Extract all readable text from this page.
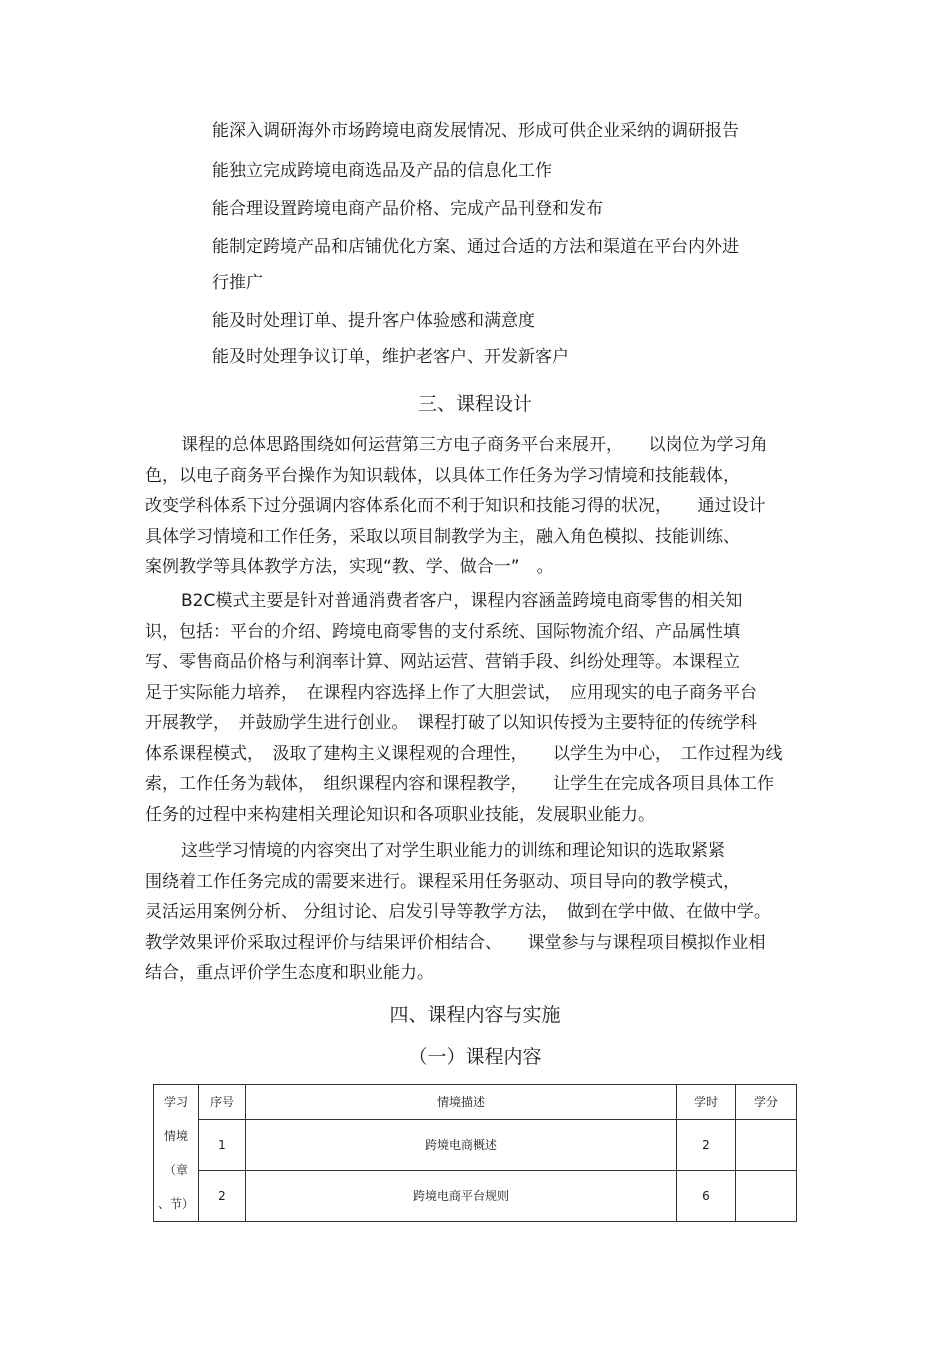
能深入调研海外市场跨境电商发展情况、形成可供企业采纳的调研报告
能独立完成跨境电商选品及产品的信息化工作
能合理设置跨境电商产品价格、完成产品刊登和发布
能制定跨境产品和店铺优化方案、通过合适的方法和渠道在平台内外进
行推广
能及时处理订单、提升客户体验感和满意度
能及时处理争议订单，维护老客户、开发新客户
三、课程设计
课程的总体思路围绕如何运营第三方电子商务平台来展开，　　以岗位为学习角
色，以电子商务平台操作为知识载体，以具体工作任务为学习情境和技能载体，
改变学科体系下过分强调内容体系化而不利于知识和技能习得的状况，　　通过设计
具体学习情境和工作任务，采取以项目制教学为主，融入角色模拟、技能训练、
案例教学等具体教学方法，实现“教、学、做合一”　。
B2C模式主要是针对普通消费者客户，课程内容涵盖跨境电商零售的相关知
识，包括：平台的介绍、跨境电商零售的支付系统、国际物流介绍、产品属性填
写、零售商品价格与利润率计算、网站运营、营销手段、纠纷处理等。本课程立
足于实际能力培养，　在课程内容选择上作了大胆尝试，　应用现实的电子商务平台
开展教学，　并鼓励学生进行创业。　课程打破了以知识传授为主要特征的传统学科
体系课程模式，　汲取了建构主义课程观的合理性，　　以学生为中心，　工作过程为线
索，工作任务为载体，　组织课程内容和课程教学，　　让学生在完成各项目具体工作
任务的过程中来构建相关理论知识和各项职业技能，发展职业能力。
这些学习情境的内容突出了对学生职业能力的训练和理论知识的选取紧紧
围绕着工作任务完成的需要来进行。课程采用任务驱动、项目导向的教学模式，
灵活运用案例分析、 分组讨论、启发引导等教学方法，　做到在学中做、在做中学。
教学效果评价采取过程评价与结果评价相结合、　　课堂参与与课程项目模拟作业相
结合，重点评价学生态度和职业能力。
四、课程内容与实施
（一）课程内容
学习
情境
（章
、节）	序号	情境描述	学时	学分
	1	跨境电商概述	2	
	2	跨境电商平台规则	6	
